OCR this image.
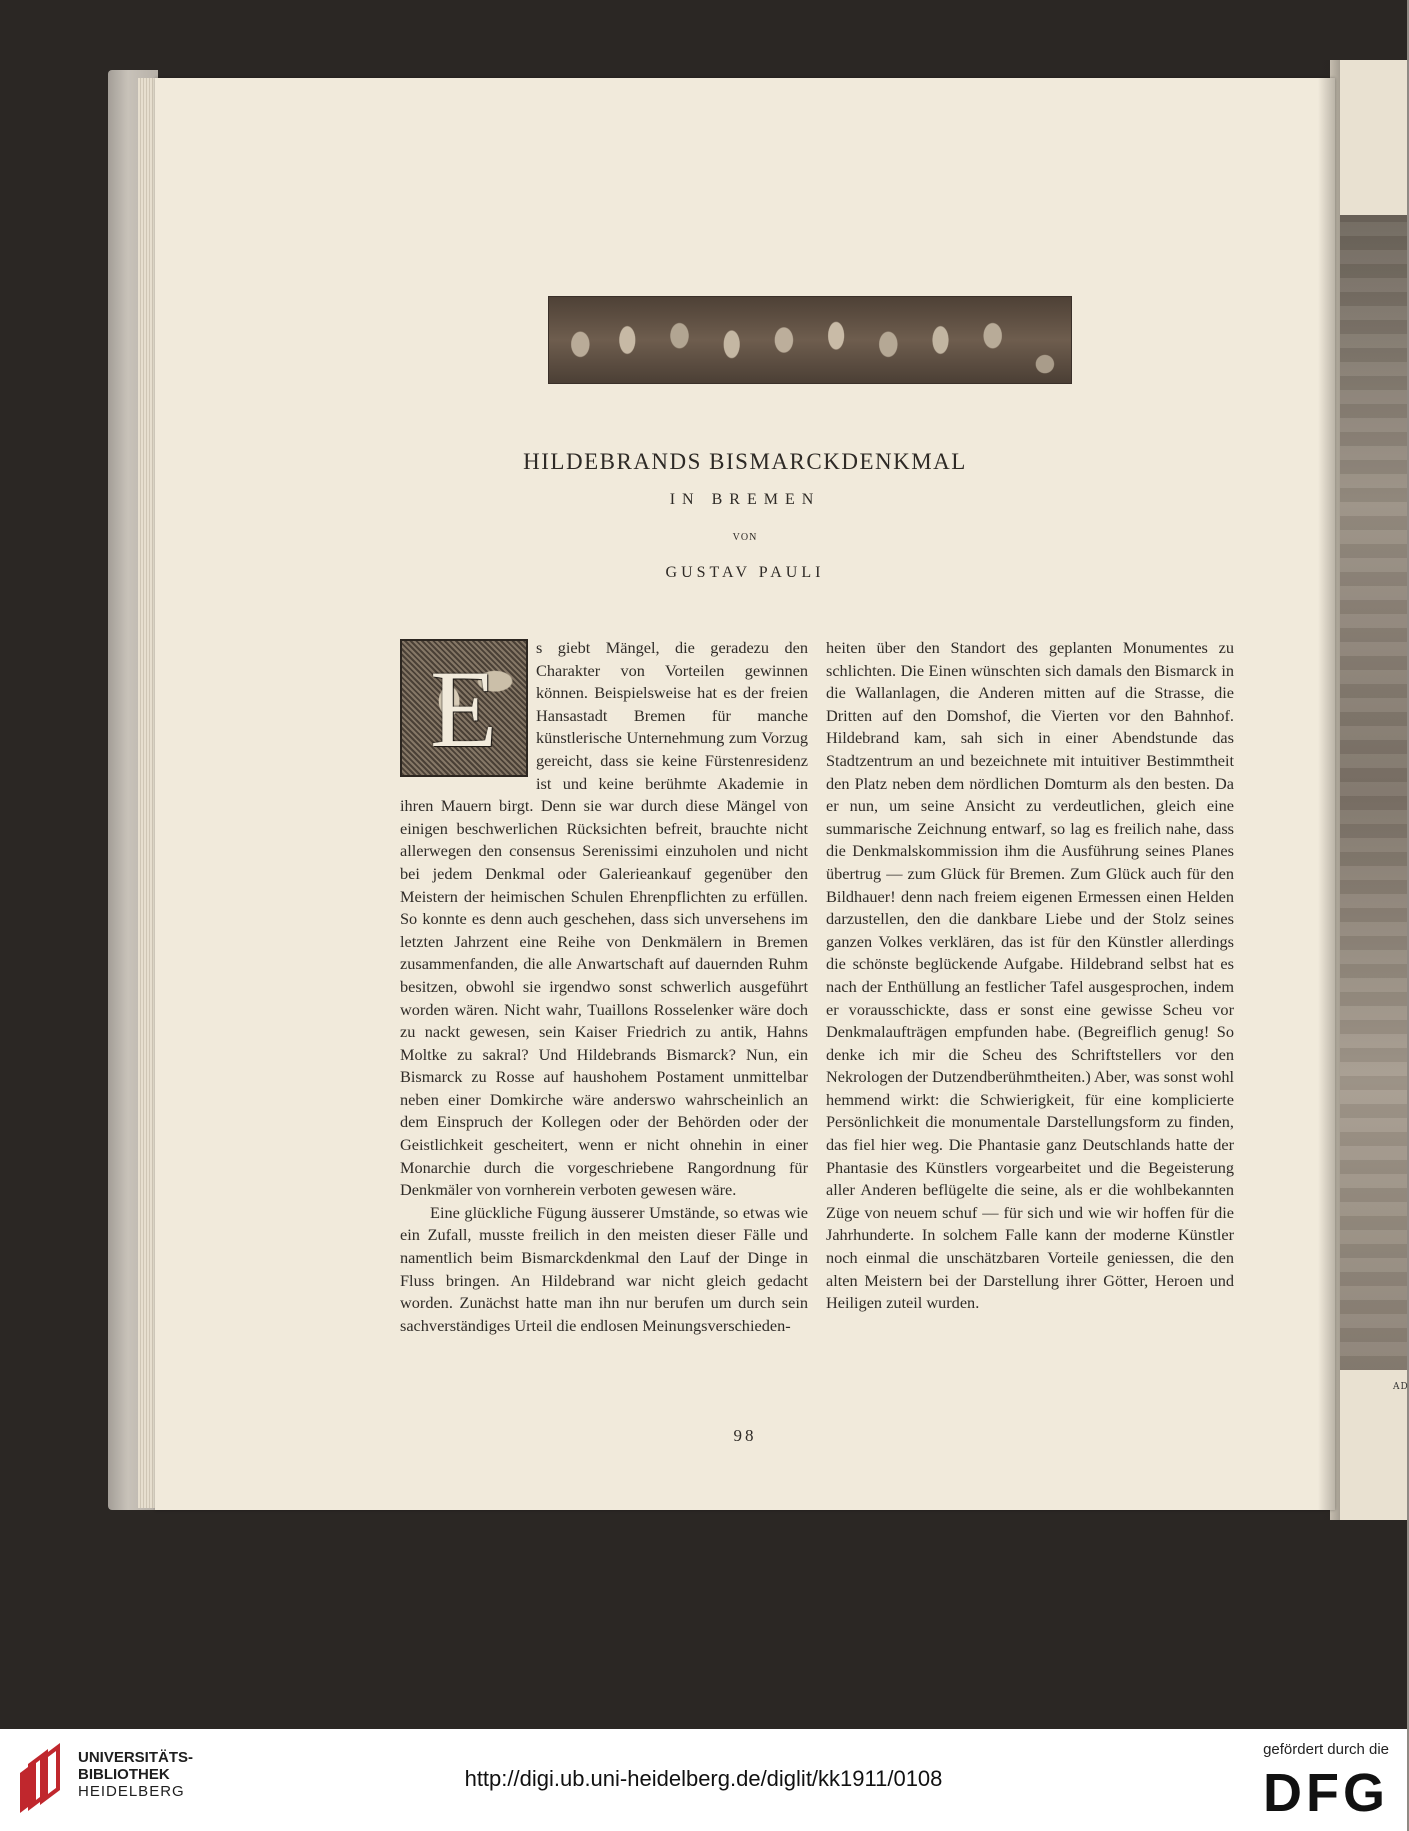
AD
HILDEBRANDS BISMARCKDENKMAL
IN BREMEN
VON
GUSTAV PAULI
E

s giebt Mängel, die geradezu den Charakter von Vorteilen gewinnen können. Beispielsweise hat es der freien Hansastadt Bremen für manche künstlerische Unternehmung zum Vorzug gereicht, dass sie keine Fürstenresidenz ist und keine berühmte Akademie in ihren Mauern birgt. Denn sie war durch diese Mängel von einigen beschwerlichen Rücksichten befreit, brauchte nicht allerwegen den consensus Serenissimi einzuholen und nicht bei jedem Denkmal oder Galerieankauf gegenüber den Meistern der heimischen Schulen Ehrenpflichten zu erfüllen. So konnte es denn auch geschehen, dass sich unversehens im letzten Jahrzent eine Reihe von Denkmälern in Bremen zusammenfanden, die alle Anwartschaft auf dauernden Ruhm besitzen, obwohl sie irgendwo sonst schwerlich ausgeführt worden wären. Nicht wahr, Tuaillons Rosselenker wäre doch zu nackt gewesen, sein Kaiser Friedrich zu antik, Hahns Moltke zu sakral? Und Hildebrands Bismarck? Nun, ein Bismarck zu Rosse auf haushohem Postament unmittelbar neben einer Domkirche wäre anderswo wahrscheinlich an dem Einspruch der Kollegen oder der Behörden oder der Geistlichkeit gescheitert, wenn er nicht ohnehin in einer Monarchie durch die vorgeschriebene Rangordnung für Denkmäler von vornherein verboten gewesen wäre.

Eine glückliche Fügung äusserer Umstände, so etwas wie ein Zufall, musste freilich in den meisten dieser Fälle und namentlich beim Bismarckdenkmal den Lauf der Dinge in Fluss bringen. An Hildebrand war nicht gleich gedacht worden. Zunächst hatte man ihn nur berufen um durch sein sachverständiges Urteil die endlosen Meinungsverschieden-

heiten über den Standort des geplanten Monumentes zu schlichten. Die Einen wünschten sich damals den Bismarck in die Wallanlagen, die Anderen mitten auf die Strasse, die Dritten auf den Domshof, die Vierten vor den Bahnhof. Hildebrand kam, sah sich in einer Abendstunde das Stadtzentrum an und bezeichnete mit intuitiver Bestimmtheit den Platz neben dem nördlichen Domturm als den besten. Da er nun, um seine Ansicht zu verdeutlichen, gleich eine summarische Zeichnung entwarf, so lag es freilich nahe, dass die Denkmalskommission ihm die Ausführung seines Planes übertrug — zum Glück für Bremen. Zum Glück auch für den Bildhauer! denn nach freiem eigenen Ermessen einen Helden darzustellen, den die dankbare Liebe und der Stolz seines ganzen Volkes verklären, das ist für den Künstler allerdings die schönste beglückende Aufgabe. Hildebrand selbst hat es nach der Enthüllung an festlicher Tafel ausgesprochen, indem er vorausschickte, dass er sonst eine gewisse Scheu vor Denkmalaufträgen empfunden habe. (Begreiflich genug! So denke ich mir die Scheu des Schriftstellers vor den Nekrologen der Dutzendberühmtheiten.) Aber, was sonst wohl hemmend wirkt: die Schwierigkeit, für eine komplicierte Persönlichkeit die monumentale Darstellungsform zu finden, das fiel hier weg. Die Phantasie ganz Deutschlands hatte der Phantasie des Künstlers vorgearbeitet und die Begeisterung aller Anderen beflügelte die seine, als er die wohlbekannten Züge von neuem schuf — für sich und wie wir hoffen für die Jahrhunderte. In solchem Falle kann der moderne Künstler noch einmal die unschätzbaren Vorteile geniessen, die den alten Meistern bei der Darstellung ihrer Götter, Heroen und Heiligen zuteil wurden.

98
UNIVERSITÄTS-
BIBLIOTHEK
HEIDELBERG
http://digi.ub.uni-heidelberg.de/diglit/kk1911/0108
gefördert durch die
DFG
